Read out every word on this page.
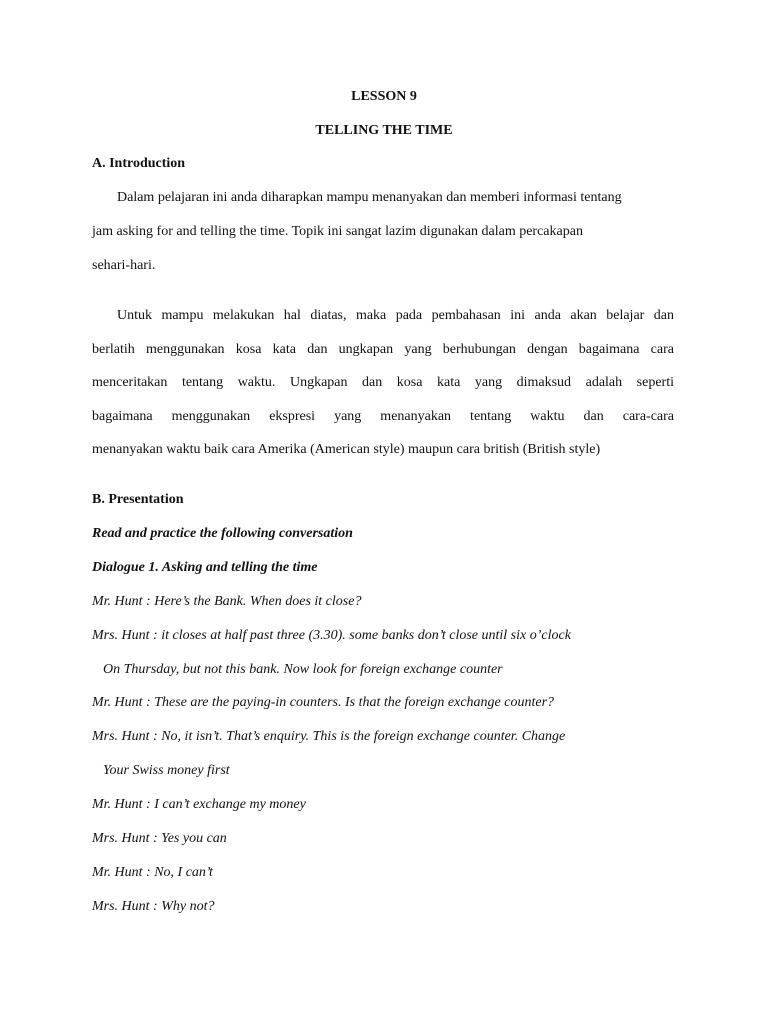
LESSON 9
TELLING THE TIME
A. Introduction
Dalam pelajaran ini anda diharapkan mampu menanyakan dan memberi informasi tentang
jam asking for and telling the time. Topik ini sangat lazim digunakan dalam percakapan
sehari-hari.
Untuk mampu melakukan hal diatas, maka pada pembahasan ini anda akan belajar dan
berlatih menggunakan kosa kata dan ungkapan yang berhubungan dengan bagaimana cara
menceritakan tentang waktu. Ungkapan dan kosa kata yang dimaksud adalah seperti
bagaimana menggunakan ekspresi yang menanyakan tentang waktu dan cara-cara
menanyakan waktu baik cara Amerika (American style) maupun cara british (British style)
B. Presentation
Read and practice the following conversation
Dialogue 1. Asking and telling the time
Mr. Hunt : Here’s the Bank. When does it close?
Mrs. Hunt : it closes at half past three (3.30). some banks don’t close until six o’clock
On Thursday, but not this bank. Now look for foreign exchange counter
Mr. Hunt : These are the paying-in counters. Is that the foreign exchange counter?
Mrs. Hunt : No, it isn’t. That’s enquiry. This is the foreign exchange counter. Change
Your Swiss money first
Mr. Hunt : I can’t exchange my money
Mrs. Hunt : Yes you can
Mr. Hunt : No, I can’t
Mrs. Hunt : Why not?
